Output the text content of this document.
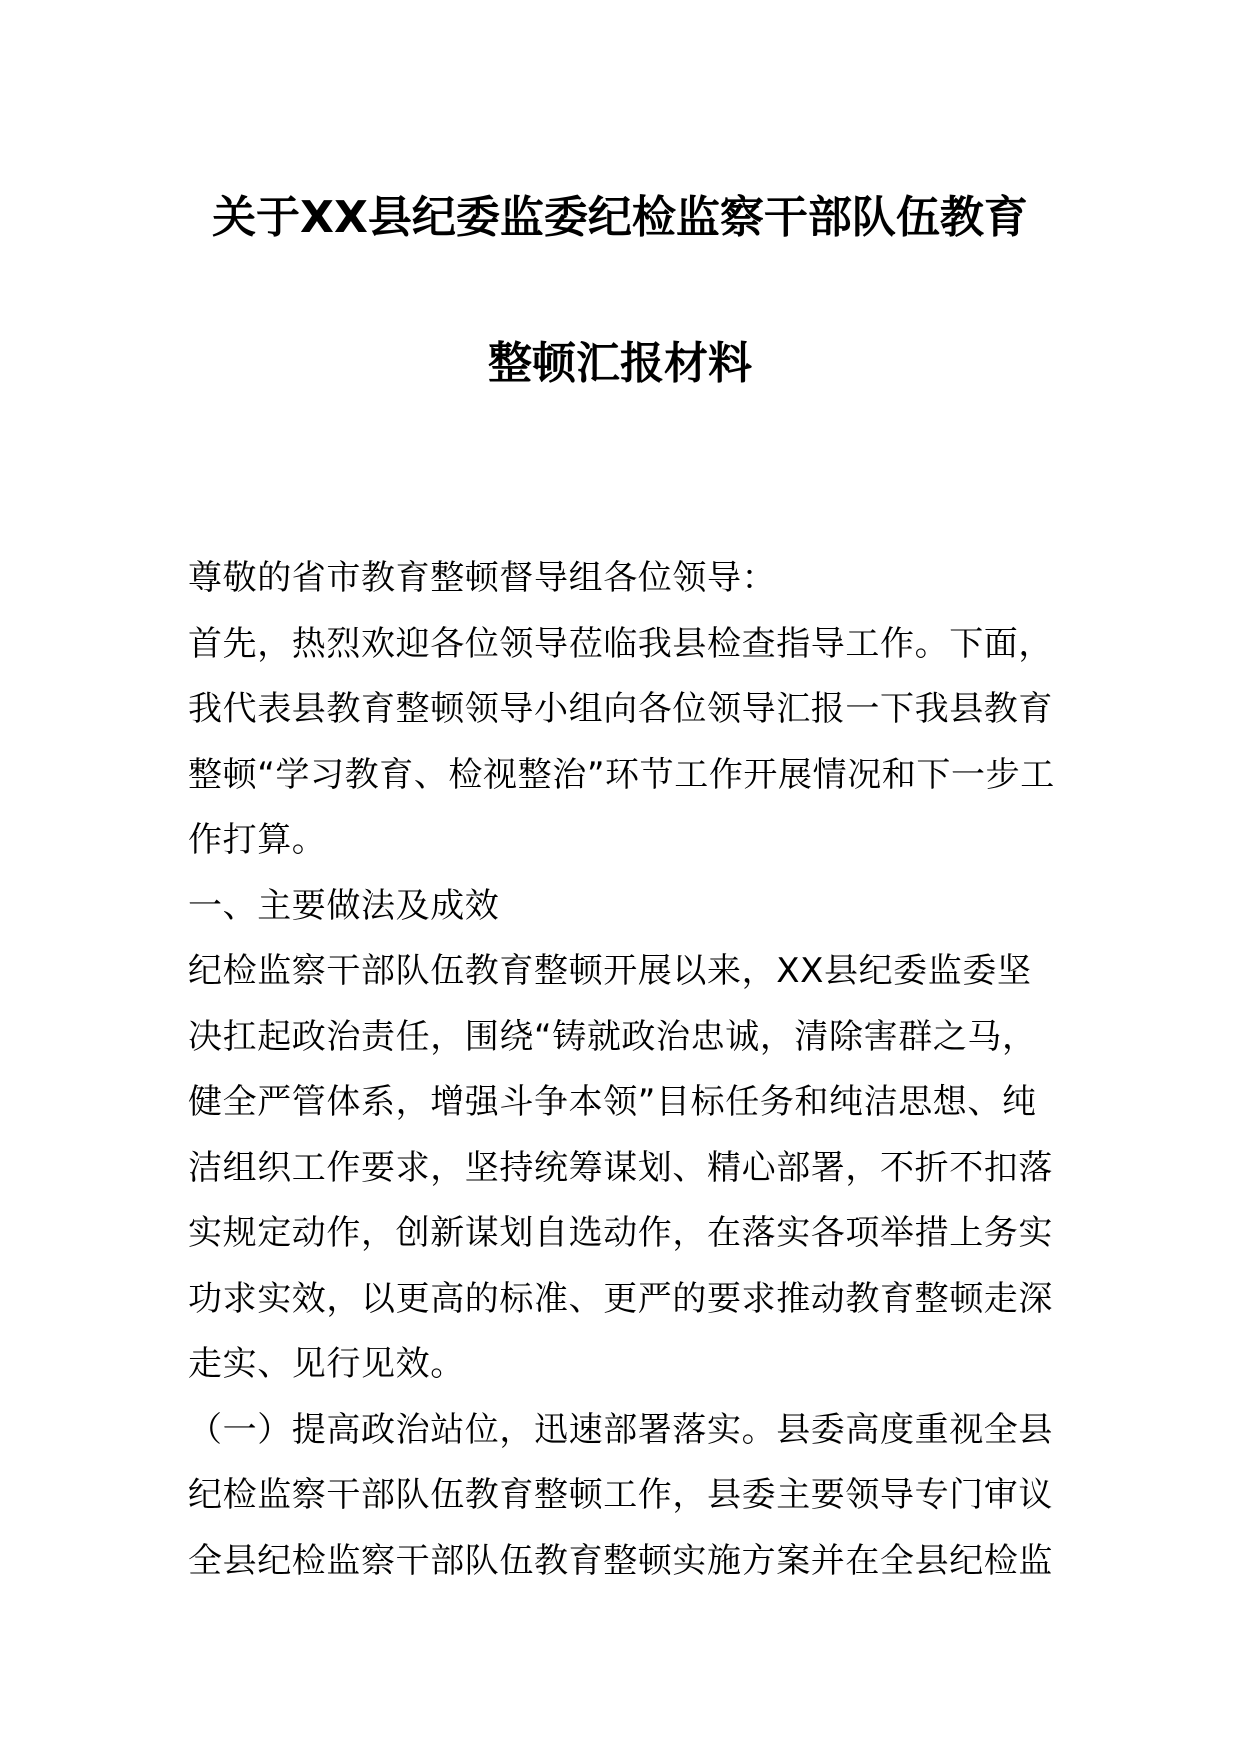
关于XX县纪委监委纪检监察干部队伍教育
整顿汇报材料

尊敬的省市教育整顿督导组各位领导：

首先，热烈欢迎各位领导莅临我县检查指导工作。下面，我代表县教育整顿领导小组向各位领导汇报一下我县教育整顿“学习教育、检视整治”环节工作开展情况和下一步工作打算。

一、主要做法及成效

纪检监察干部队伍教育整顿开展以来，XX县纪委监委坚决扛起政治责任，围绕“铸就政治忠诚，清除害群之马，健全严管体系，增强斗争本领”目标任务和纯洁思想、纯洁组织工作要求，坚持统筹谋划、精心部署，不折不扣落实规定动作，创新谋划自选动作，在落实各项举措上务实功求实效，以更高的标准、更严的要求推动教育整顿走深走实、见行见效。

（一）提高政治站位，迅速部署落实。县委高度重视全县纪检监察干部队伍教育整顿工作，县委主要领导专门审议全县纪检监察干部队伍教育整顿实施方案并在全县纪检监
